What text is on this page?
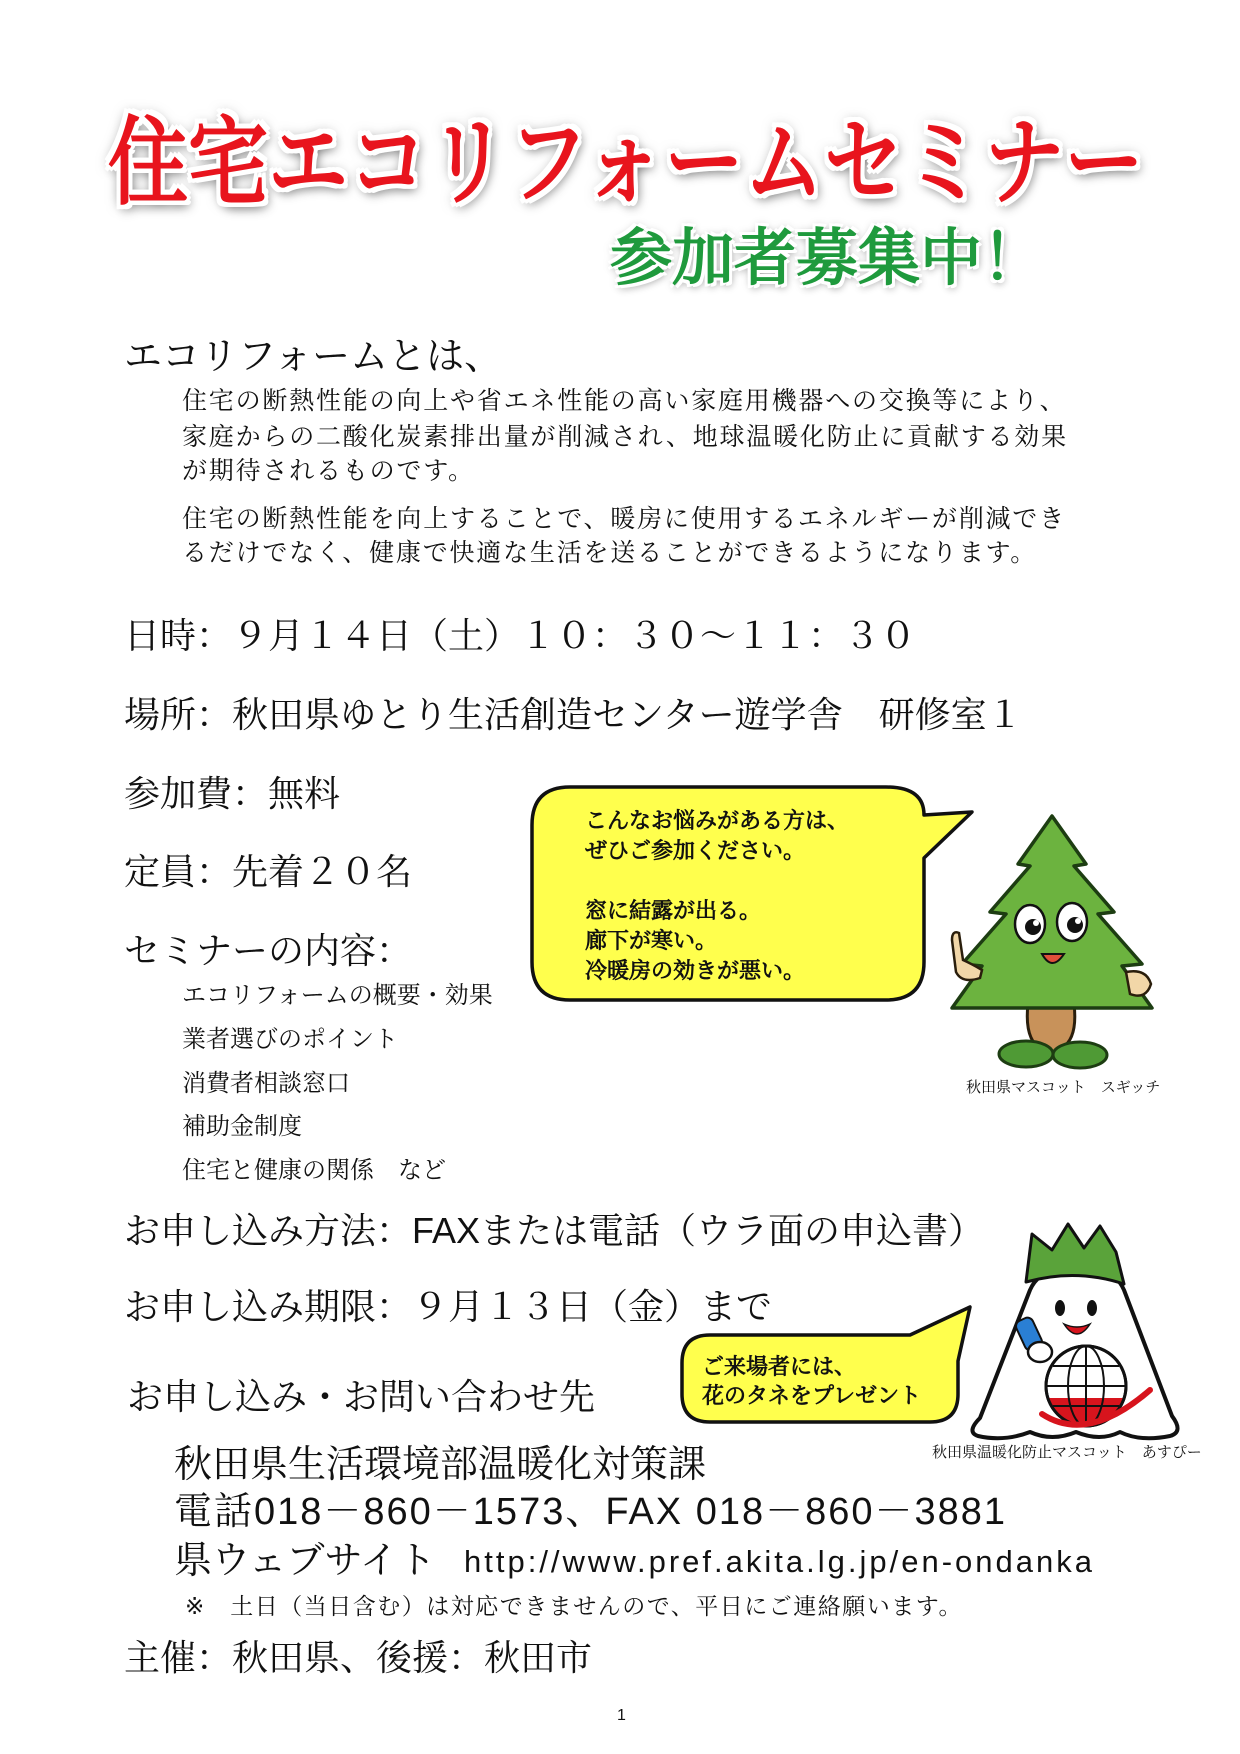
住宅エコリフォームセミナー
参加者募集中！
エコリフォームとは、
住宅の断熱性能の向上や省エネ性能の高い家庭用機器への交換等により、
家庭からの二酸化炭素排出量が削減され、地球温暖化防止に貢献する効果
が期待されるものです。
住宅の断熱性能を向上することで、暖房に使用するエネルギーが削減でき
るだけでなく、健康で快適な生活を送ることができるようになります。
日時：９月１４日（土）１０：３０～１１：３０
場所：秋田県ゆとり生活創造センター遊学舎　研修室１
参加費：無料
定員：先着２０名
セミナーの内容：
エコリフォームの概要・効果
業者選びのポイント
消費者相談窓口
補助金制度
住宅と健康の関係　など
お申し込み方法：FAXまたは電話（ウラ面の申込書）
お申し込み期限：９月１３日（金）まで
お申し込み・お問い合わせ先
秋田県生活環境部温暖化対策課
電話018－860－1573、FAX 018－860－3881
県ウェブサイト http://www.pref.akita.lg.jp/en-ondanka
※　土日（当日含む）は対応できませんので、平日にご連絡願います。
主催：秋田県、後援：秋田市
1
こんなお悩みがある方は、
ぜひご参加ください。
窓に結露が出る。
廊下が寒い。
冷暖房の効きが悪い。
秋田県マスコット　スギッチ
ご来場者には、
花のタネをプレゼント
秋田県温暖化防止マスコット　あすぴー
